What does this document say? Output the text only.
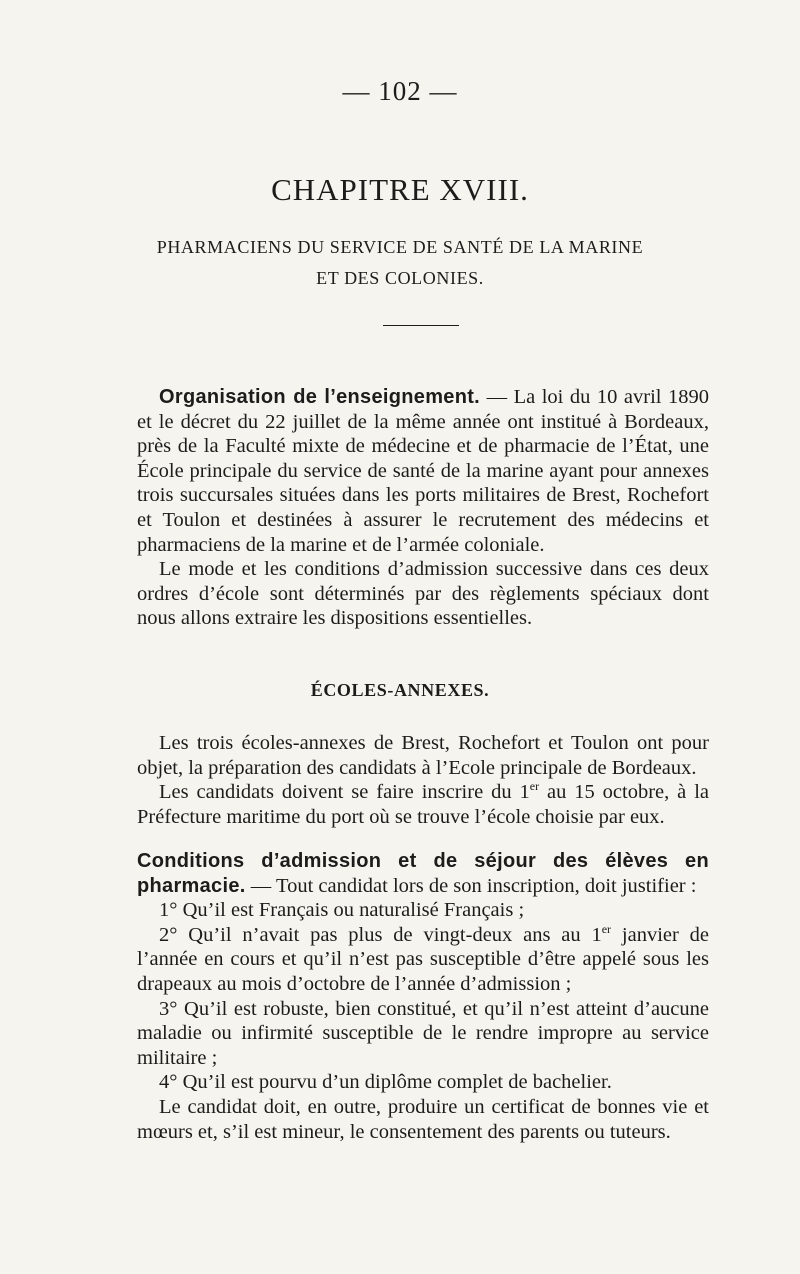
— 102 —
CHAPITRE XVIII.
PHARMACIENS DU SERVICE DE SANTÉ DE LA MARINE
ET DES COLONIES.

Organisation de l’enseignement. — La loi du 10 avril 1890 et le décret du 22 juillet de la même année ont institué à Bordeaux, près de la Faculté mixte de médecine et de pharmacie de l’État, une École principale du service de santé de la marine ayant pour annexes trois succursales situées dans les ports militaires de Brest, Rochefort et Toulon et destinées à assurer le recrutement des médecins et pharmaciens de la marine et de l’armée coloniale.

Le mode et les conditions d’admission successive dans ces deux ordres d’école sont déterminés par des règlements spéciaux dont nous allons extraire les dispositions essentielles.

ÉCOLES-ANNEXES.

Les trois écoles-annexes de Brest, Rochefort et Toulon ont pour objet, la préparation des candidats à l’Ecole principale de Bordeaux.

Les candidats doivent se faire inscrire du 1er au 15 octobre, à la Préfecture maritime du port où se trouve l’école choisie par eux.

Conditions d’admission et de séjour des élèves en pharmacie. — Tout candidat lors de son inscription, doit justifier :

1° Qu’il est Français ou naturalisé Français ;

2° Qu’il n’avait pas plus de vingt-deux ans au 1er janvier de l’année en cours et qu’il n’est pas susceptible d’être appelé sous les drapeaux au mois d’octobre de l’année d’admission ;

3° Qu’il est robuste, bien constitué, et qu’il n’est atteint d’aucune maladie ou infirmité susceptible de le rendre impropre au service militaire ;

4° Qu’il est pourvu d’un diplôme complet de bachelier.

Le candidat doit, en outre, produire un certificat de bonnes vie et mœurs et, s’il est mineur, le consentement des parents ou tuteurs.
